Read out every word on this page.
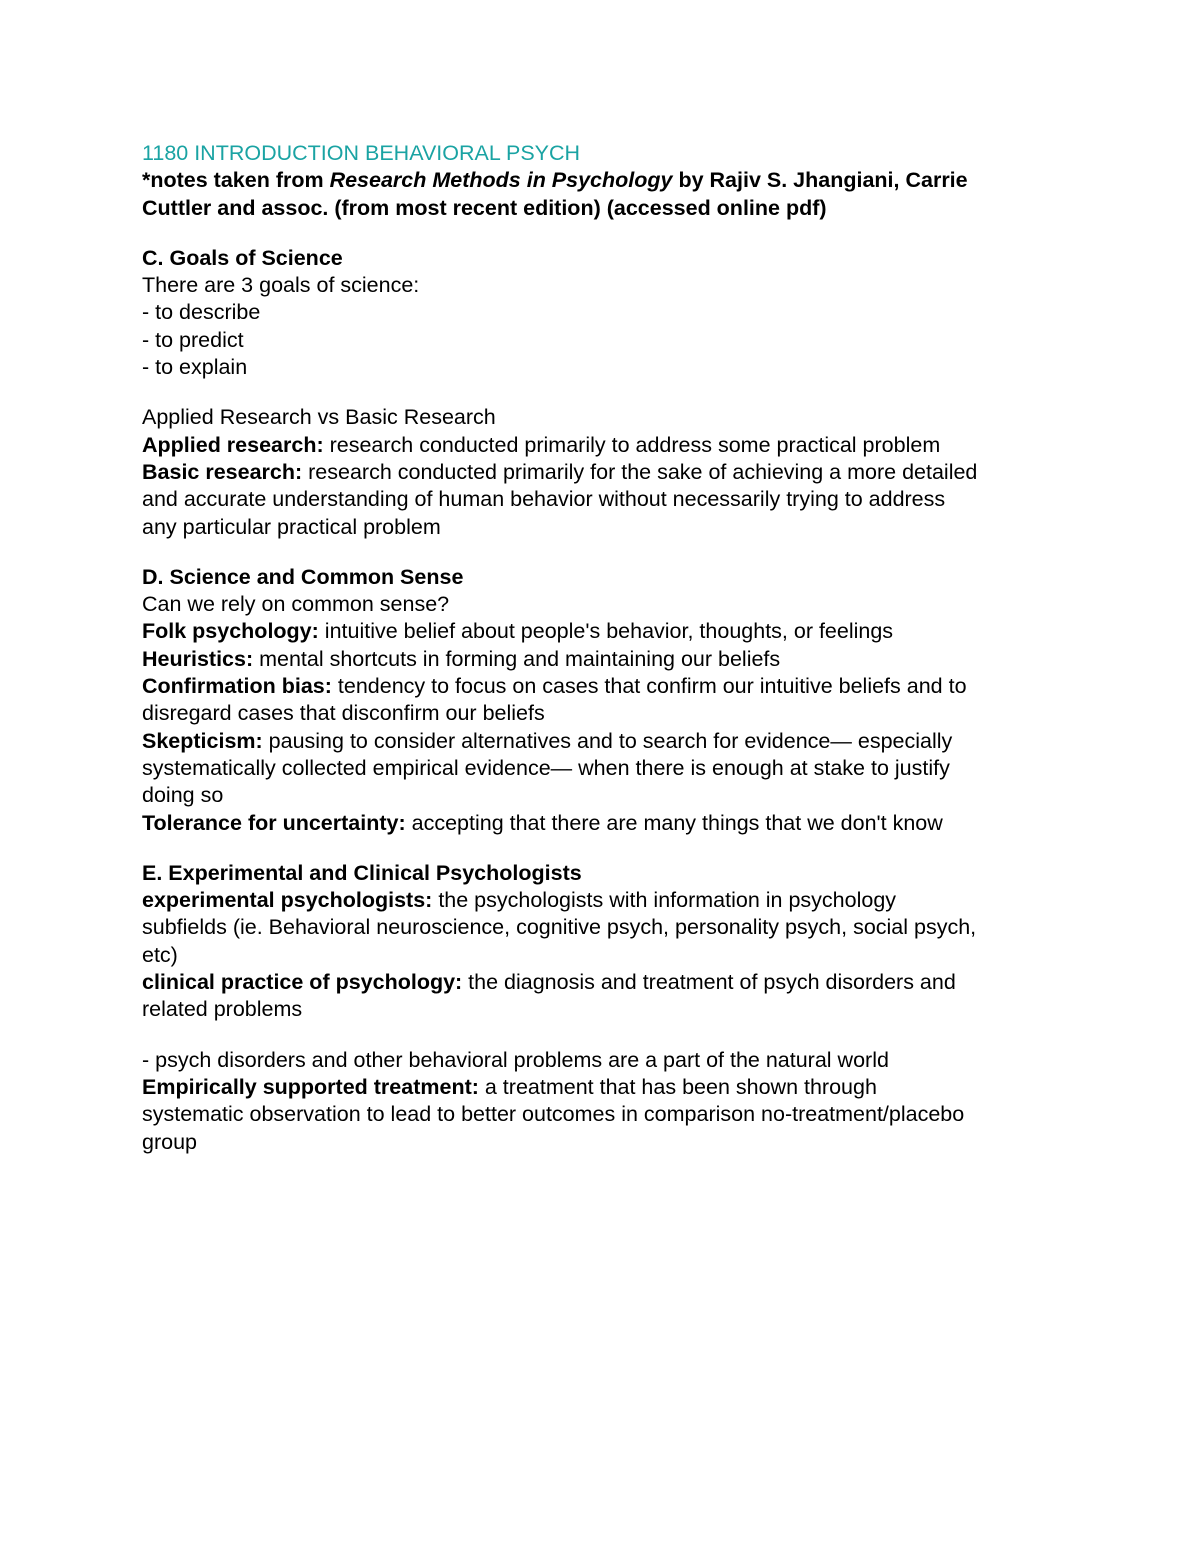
1180 INTRODUCTION BEHAVIORAL PSYCH

*notes taken from Research Methods in Psychology by Rajiv S. Jhangiani, Carrie

Cuttler and assoc. (from most recent edition) (accessed online pdf)

C. Goals of Science

There are 3 goals of science:

- to describe

- to predict

- to explain

Applied Research vs Basic Research

Applied research: research conducted primarily to address some practical problem

Basic research: research conducted primarily for the sake of achieving a more detailed

and accurate understanding of human behavior without necessarily trying to address

any particular practical problem

D. Science and Common Sense

Can we rely on common sense?

Folk psychology: intuitive belief about people's behavior, thoughts, or feelings

Heuristics: mental shortcuts in forming and maintaining our beliefs

Confirmation bias: tendency to focus on cases that confirm our intuitive beliefs and to

disregard cases that disconfirm our beliefs

Skepticism: pausing to consider alternatives and to search for evidence— especially

systematically collected empirical evidence— when there is enough at stake to justify

doing so

Tolerance for uncertainty: accepting that there are many things that we don't know

E. Experimental and Clinical Psychologists

experimental psychologists: the psychologists with information in psychology

subfields (ie. Behavioral neuroscience, cognitive psych, personality psych, social psych,

etc)

clinical practice of psychology: the diagnosis and treatment of psych disorders and

related problems

- psych disorders and other behavioral problems are a part of the natural world

Empirically supported treatment: a treatment that has been shown through

systematic observation to lead to better outcomes in comparison no-treatment/placebo

group
